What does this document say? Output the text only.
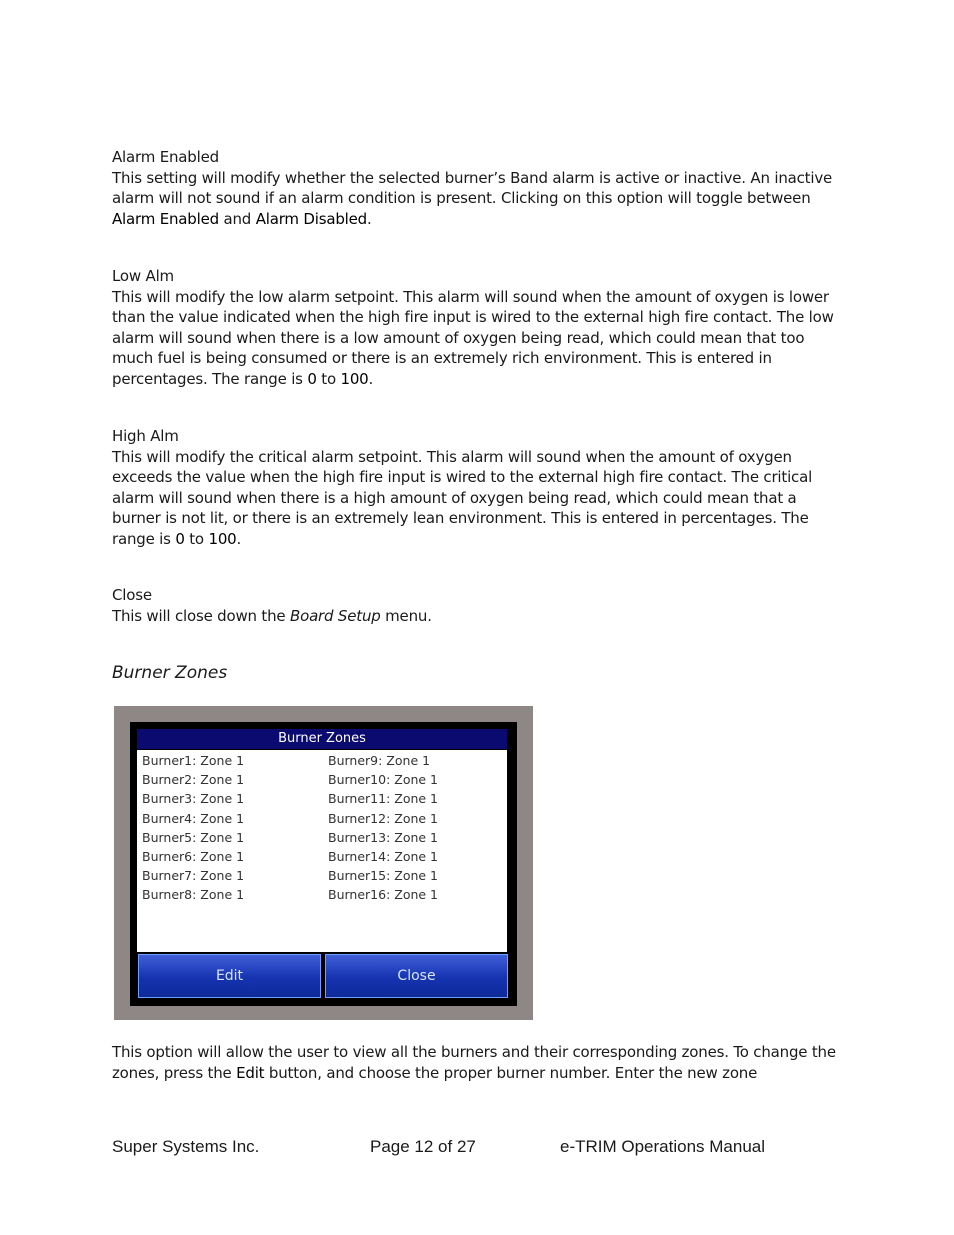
Alarm Enabled
This setting will modify whether the selected burner’s Band alarm is active or inactive. An inactive alarm will not sound if an alarm condition is present. Clicking on this option will toggle between Alarm Enabled and Alarm Disabled.
Low Alm
This will modify the low alarm setpoint. This alarm will sound when the amount of oxygen is lower than the value indicated when the high fire input is wired to the external high fire contact. The low alarm will sound when there is a low amount of oxygen being read, which could mean that too much fuel is being consumed or there is an extremely rich environment. This is entered in percentages. The range is 0 to 100.
High Alm
This will modify the critical alarm setpoint. This alarm will sound when the amount of oxygen exceeds the value when the high fire input is wired to the external high fire contact. The critical alarm will sound when there is a high amount of oxygen being read, which could mean that a burner is not lit, or there is an extremely lean environment. This is entered in percentages. The range is 0 to 100.
Close
This will close down the Board Setup menu.
Burner Zones
Burner Zones
Burner1: Zone 1
Burner2: Zone 1
Burner3: Zone 1
Burner4: Zone 1
Burner5: Zone 1
Burner6: Zone 1
Burner7: Zone 1
Burner8: Zone 1
Burner9: Zone 1
Burner10: Zone 1
Burner11: Zone 1
Burner12: Zone 1
Burner13: Zone 1
Burner14: Zone 1
Burner15: Zone 1
Burner16: Zone 1
Edit	Close
This option will allow the user to view all the burners and their corresponding zones. To change the zones, press the Edit button, and choose the proper burner number. Enter the new zone
Super Systems Inc.	Page 12 of 27	e-TRIM Operations Manual
